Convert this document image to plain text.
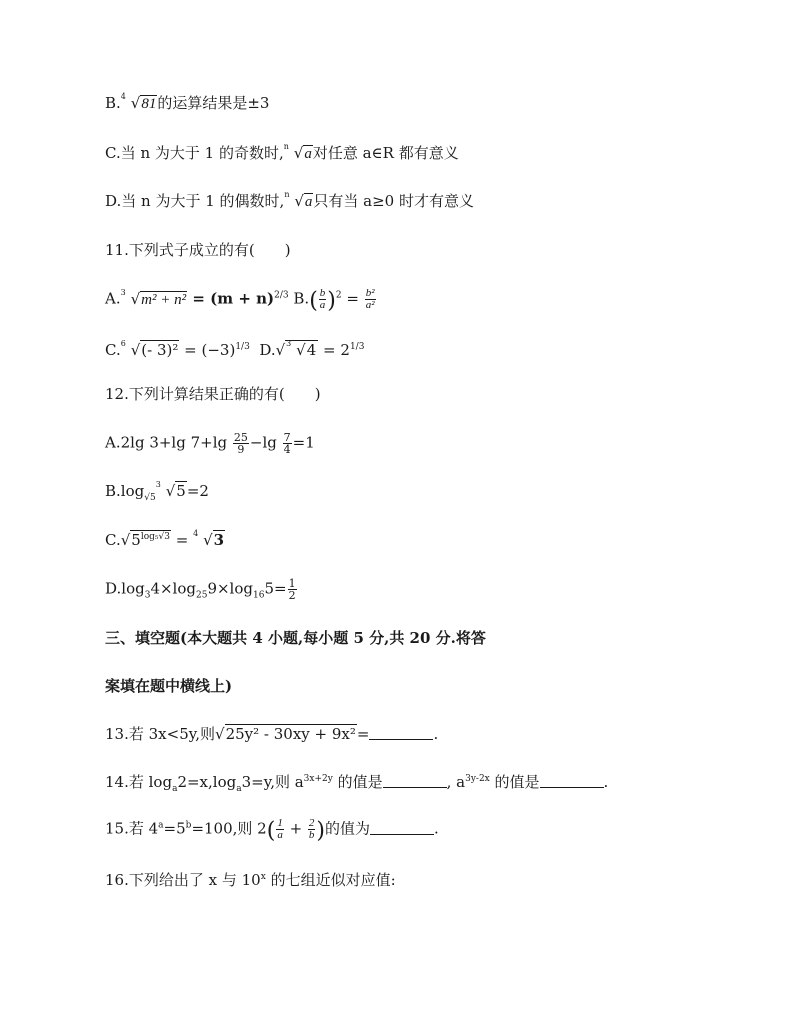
B. 4 √81的运算结果是±3
C.当 n 为大于 1 的奇数时, n √a对任意 a∈R 都有意义
D.当 n 为大于 1 的偶数时, n √a只有当 a≥0 时才有意义
11.下列式子成立的有(　　)
A. 3 $√m^2 + n^2 = (m + n)^{2/3}$ $B.( \frac{b}{a} )^2 = \frac{\text{b²}}{\text{a²}}$
C. 6 √(- $3)^2 = (-3)^{1/3}$ D.√ 3 $√4 = 2^{1/3}$
12.下列计算结果正确的有(　　)
A.2lg 3+lg $7+\lg \frac{25}{9} -\lg \frac{7}{4} =1$
$B.\log_{√5}$
3 √5=2
$C.√5^{log_5√3} = 4$ √3
$D.\log_34\times\log_{25}9\times\log_{16}5= \frac{1}{2}$
三、填空题(本大题共 4 小题,每小题 5 分,共 20 分.将答
案填在题中横线上)
13.若 3x<5y,则√25y² - 30xy + 9x²=	.
14.若 $\log_a2=x,\log_a3=y$,则 $a^{3x+2y}$ 的值是	, $a^{3y-2x}$ 的值是	.
15.若 $4^a=5^b=100$,则 $2( \frac{1}{a} + \frac{2}{b}$ )的值为	.
16.下列给出了 x 与 10$^x$ 的七组近似对应值:
